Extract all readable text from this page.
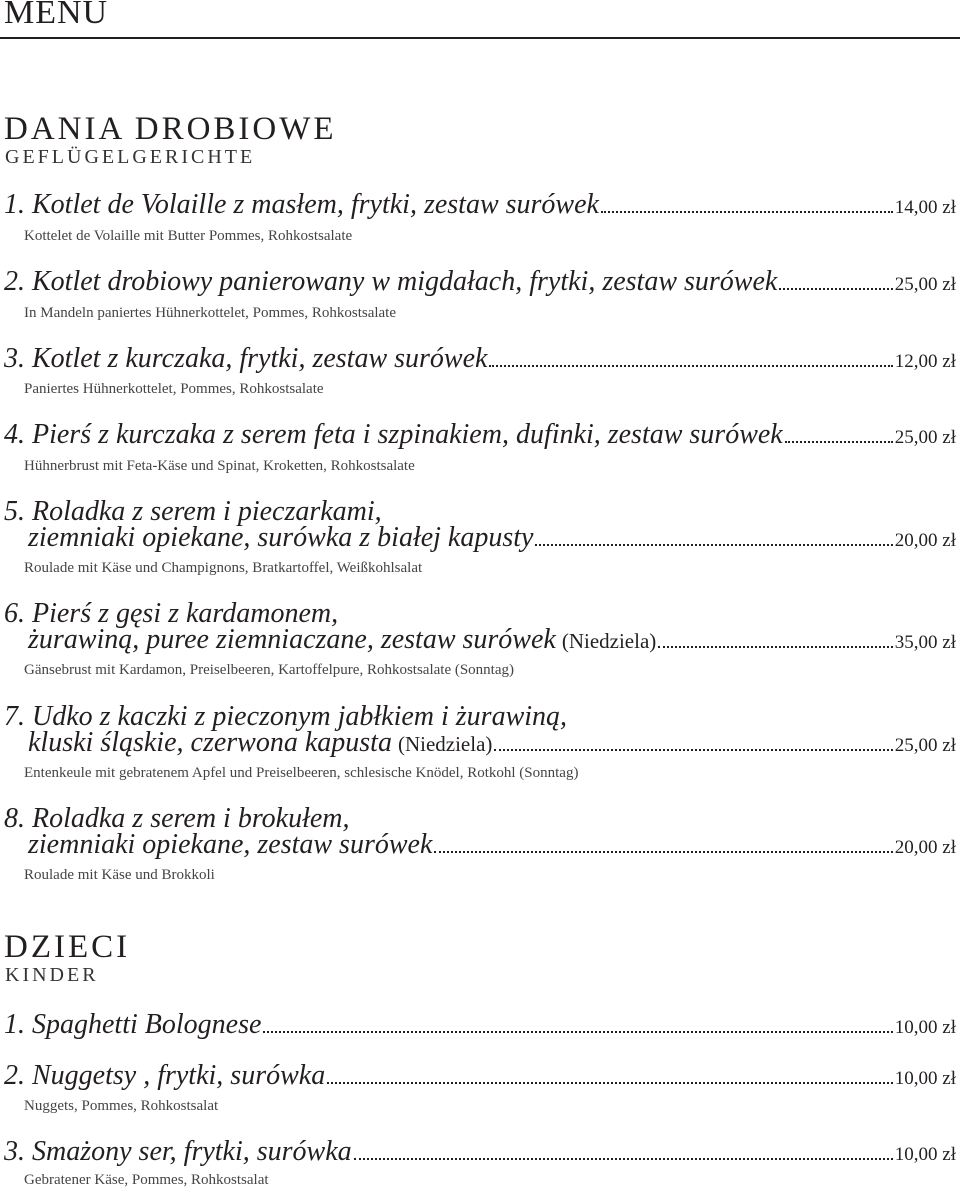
MENU
DANIA DROBIOWE
GEFLÜGELGERICHTE
1. Kotlet de Volaille z masłem, frytki, zestaw surówek	14,00 zł
Kottelet de Volaille mit Butter Pommes, Rohkostsalate
2. Kotlet drobiowy panierowany w migdałach, frytki, zestaw surówek	25,00 zł
In Mandeln paniertes Hühnerkottelet, Pommes, Rohkostsalate
3. Kotlet z kurczaka, frytki, zestaw surówek	12,00 zł
Paniertes Hühnerkottelet, Pommes, Rohkostsalate
4. Pierś z kurczaka z serem feta i szpinakiem, dufinki, zestaw surówek	25,00 zł
Hühnerbrust mit Feta-Käse und Spinat, Kroketten, Rohkostsalate
5. Roladka z serem i pieczarkami,
ziemniaki opiekane, surówka z białej kapusty	20,00 zł
Roulade mit Käse und Champignons, Bratkartoffel, Weißkohlsalat
6. Pierś z gęsi z kardamonem,
żurawiną, puree ziemniaczane, zestaw surówek (Niedziela)	35,00 zł
Gänsebrust mit Kardamon, Preiselbeeren, Kartoffelpure, Rohkostsalate (Sonntag)
7. Udko z kaczki z pieczonym jabłkiem i żurawiną,
kluski śląskie, czerwona kapusta (Niedziela)	25,00 zł
Entenkeule mit gebratenem Apfel und Preiselbeeren, schlesische Knödel, Rotkohl (Sonntag)
8. Roladka z serem i brokułem,
ziemniaki opiekane, zestaw surówek	20,00 zł
Roulade mit Käse und Brokkoli
DZIECI
KINDER
1. Spaghetti Bolognese	10,00 zł
2. Nuggetsy , frytki, surówka	10,00 zł
Nuggets, Pommes, Rohkostsalat
3. Smażony ser, frytki, surówka	10,00 zł
Gebratener Käse, Pommes, Rohkostsalat
